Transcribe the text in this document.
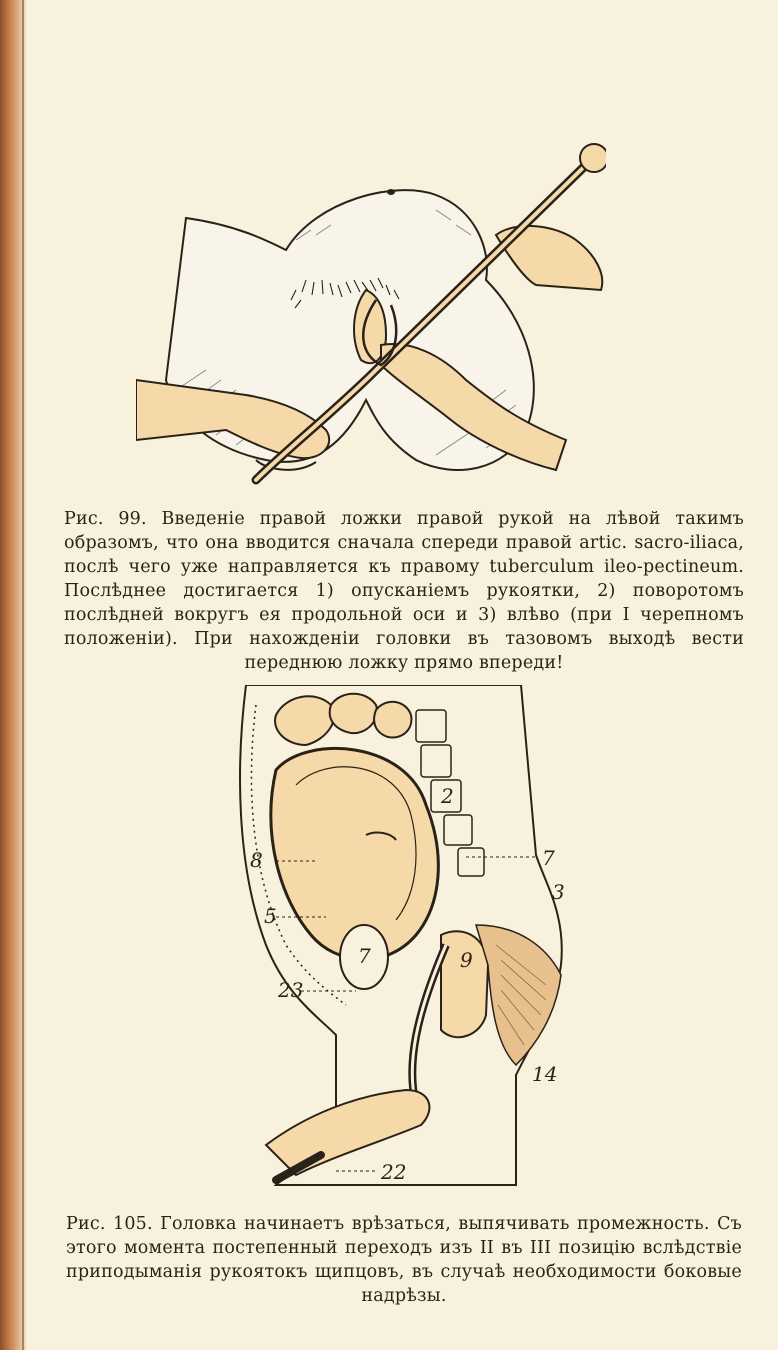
Рис. 99. Введеніе правой ложки правой рукой на лѣвой такимъ образомъ, что она вводится сначала спереди правой artic. sacro-iliaca, послѣ чего уже направляется къ правому tuberculum ileo-pectineum. Послѣднее достигается 1) опусканіемъ рукоятки, 2) поворотомъ послѣдней вокругъ ея продольной оси и 3) влѣво (при I черепномъ положеніи). При нахожденіи головки въ тазовомъ выходѣ вести переднюю ложку прямо впереди!

2
7
3
8
5
7	9
23
14
22

Рис. 105. Головка начинаетъ врѣзаться, выпячивать промежность. Съ этого момента постепенный переходъ изъ II въ III позицію вслѣдствіе приподыманія рукоятокъ щипцовъ, въ случаѣ необходимости боковые надрѣзы.
